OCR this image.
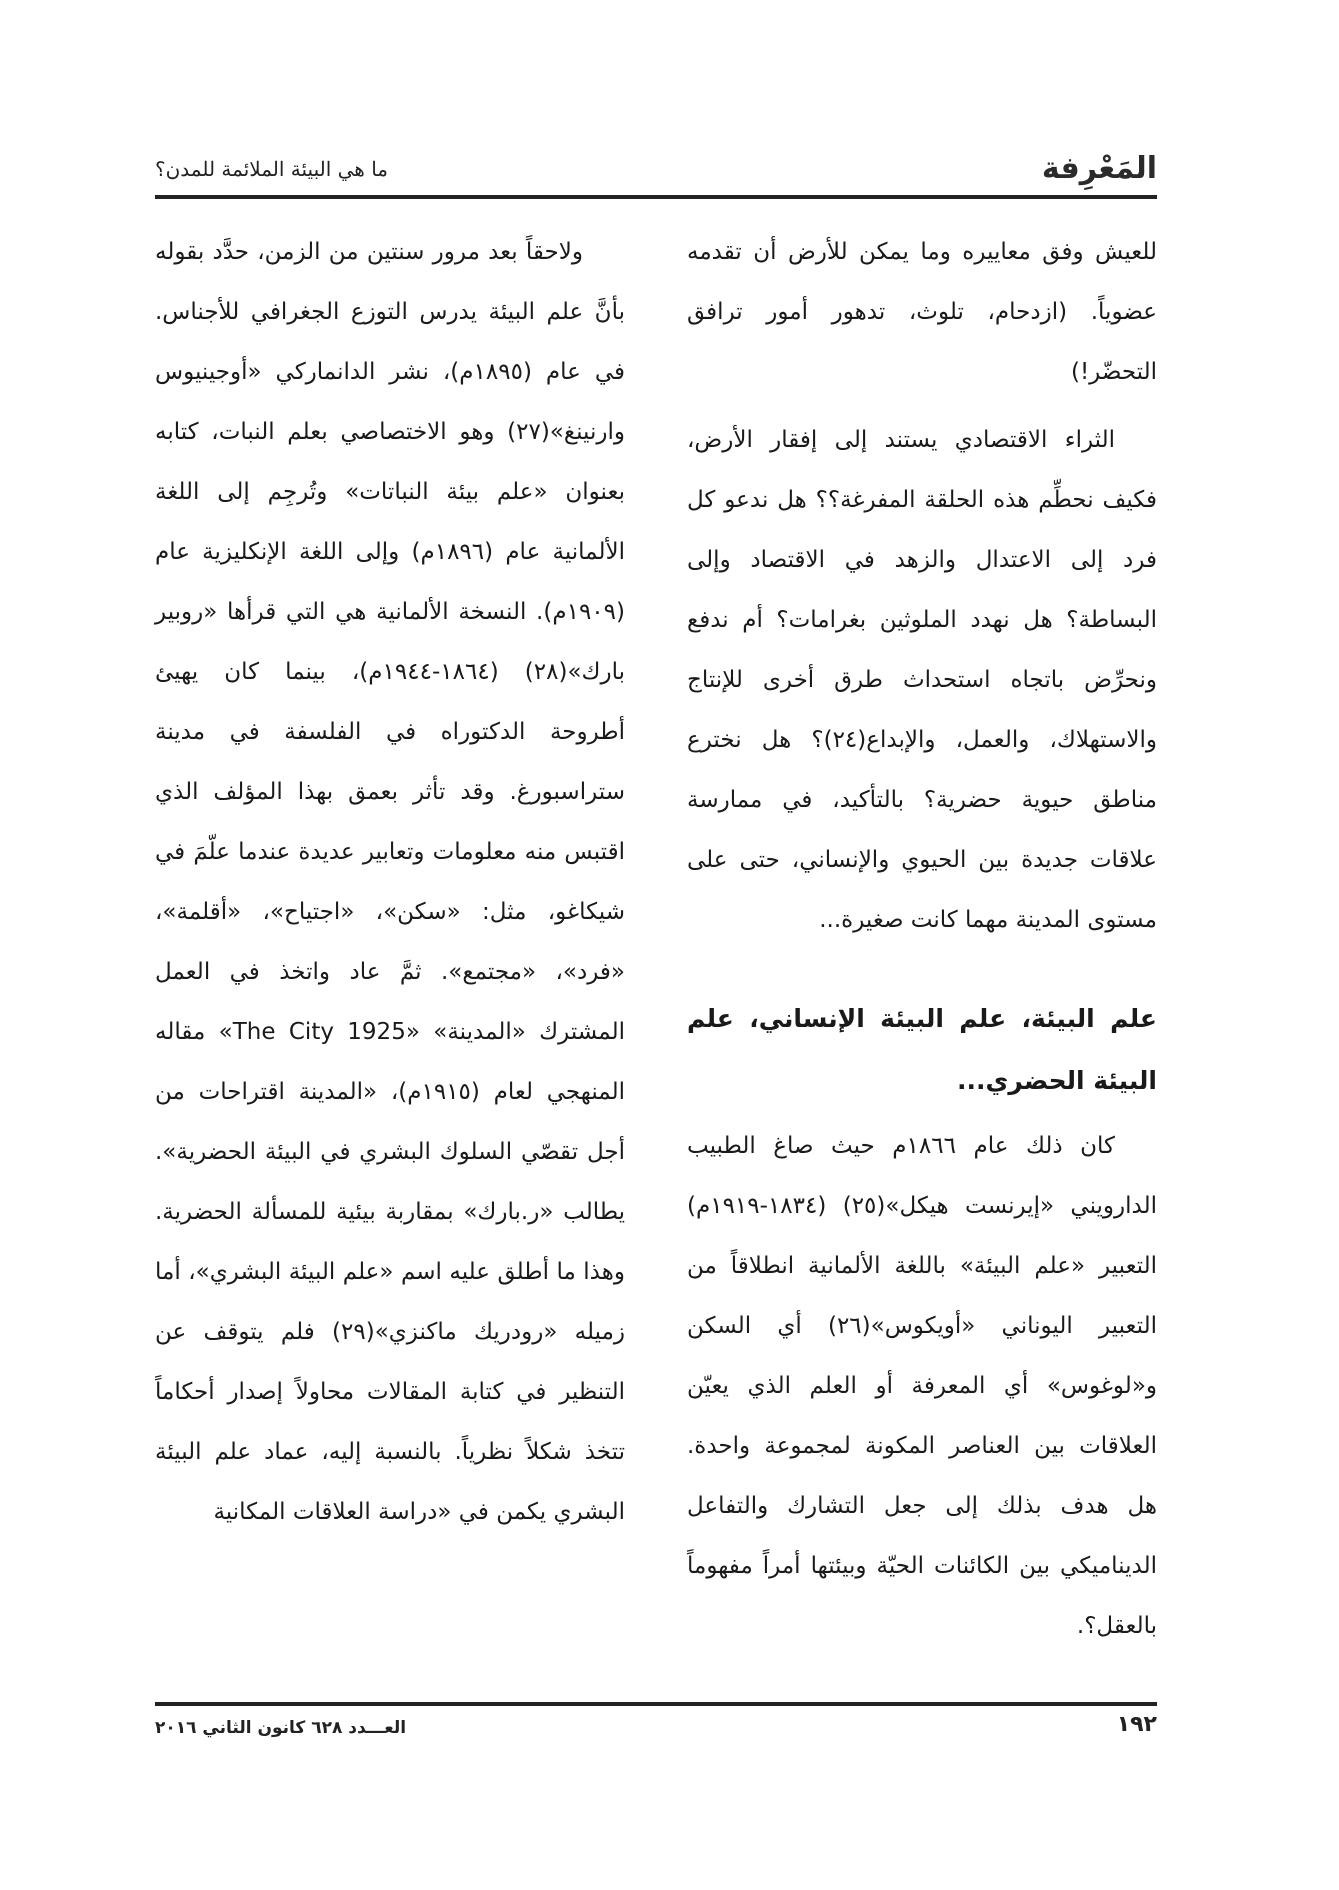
المَعْرِفة
ما هي البيئة الملائمة للمدن؟

للعيش وفق معاييره وما يمكن للأرض أن تقدمه عضوياً. (ازدحام، تلوث، تدهور أمور ترافق التحضّر!)

الثراء الاقتصادي يستند إلى إفقار الأرض، فكيف نحطِّم هذه الحلقة المفرغة؟؟ هل ندعو كل فرد إلى الاعتدال والزهد في الاقتصاد وإلى البساطة؟ هل نهدد الملوثين بغرامات؟ أم ندفع ونحرِّض باتجاه استحداث طرق أخرى للإنتاج والاستهلاك، والعمل، والإبداع(٢٤)؟ هل نخترع مناطق حيوية حضرية؟ بالتأكيد، في ممارسة علاقات جديدة بين الحيوي والإنساني، حتى على مستوى المدينة مهما كانت صغيرة...

علم البيئة، علم البيئة الإنساني، علم البيئة الحضري...

كان ذلك عام ١٨٦٦م حيث صاغ الطبيب الدارويني «إيرنست هيكل»(٢٥) (١٨٣٤-١٩١٩م) التعبير «علم البيئة» باللغة الألمانية انطلاقاً من التعبير اليوناني «أويكوس»(٢٦) أي السكن و«لوغوس» أي المعرفة أو العلم الذي يعيّن العلاقات بين العناصر المكونة لمجموعة واحدة. هل هدف بذلك إلى جعل التشارك والتفاعل الديناميكي بين الكائنات الحيّة وبيئتها أمراً مفهوماً بالعقل؟.

ولاحقاً بعد مرور سنتين من الزمن، حدَّد بقوله بأنَّ علم البيئة يدرس التوزع الجغرافي للأجناس. في عام (١٨٩٥م)، نشر الدانماركي «أوجينيوس وارنينغ»(٢٧) وهو الاختصاصي بعلم النبات، كتابه بعنوان «علم بيئة النباتات» وتُرجِم إلى اللغة الألمانية عام (١٨٩٦م) وإلى اللغة الإنكليزية عام (١٩٠٩م). النسخة الألمانية هي التي قرأها «روبير بارك»(٢٨) (١٨٦٤-١٩٤٤م)، بينما كان يهيئ أطروحة الدكتوراه في الفلسفة في مدينة ستراسبورغ. وقد تأثر بعمق بهذا المؤلف الذي اقتبس منه معلومات وتعابير عديدة عندما علّمَ في شيكاغو، مثل: «سكن»، «اجتياح»، «أقلمة»، «فرد»، «مجتمع». ثمَّ عاد واتخذ في العمل المشترك «المدينة» «The City 1925» مقاله المنهجي لعام (١٩١٥م)، «المدينة اقتراحات من أجل تقصّي السلوك البشري في البيئة الحضرية». يطالب «ر.بارك» بمقاربة بيئية للمسألة الحضرية. وهذا ما أطلق عليه اسم «علم البيئة البشري»، أما زميله «رودريك ماكنزي»(٢٩) فلم يتوقف عن التنظير في كتابة المقالات محاولاً إصدار أحكاماً تتخذ شكلاً نظرياً. بالنسبة إليه، عماد علم البيئة البشري يكمن في «دراسة العلاقات المكانية

العـــدد ٦٢٨ كانون الثاني ٢٠١٦	١٩٢
